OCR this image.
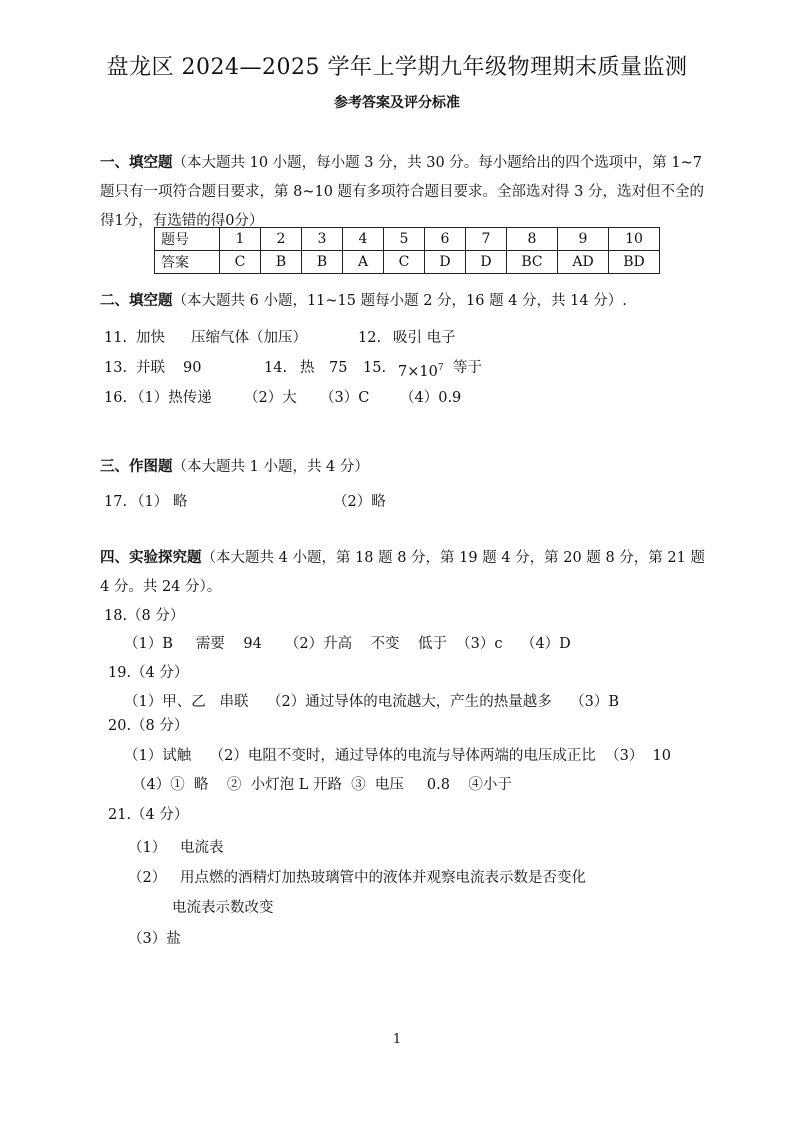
盘龙区 2024—2025 学年上学期九年级物理期末质量监测
参考答案及评分标准
一、填空题（本大题共 10 小题，每小题 3 分，共 30 分。每小题给出的四个选项中，第 1~7 题只有一项符合题目要求，第 8~10 题有多项符合题目要求。全部选对得 3 分，选对但不全的得1分，有选错的得0分）
题号	1	2	3	4	5	6	7	8	9	10
答案	C	B	B	A	C	D	D	BC	AD	BD
二、填空题（本大题共 6 小题，11~15 题每小题 2 分，16 题 4 分，共 14 分）.
11. 加快 压缩气体（加压）	12. 吸引 电子
13. 并联 90	14. 热 75 15. $7\times 10^7$ 等于
16. （1）热传递 （2）大 （3）C （4）0.9
三、作图题（本大题共 1 小题，共 4 分）
17. （1） 略	（2）略
四、实验探究题（本大题共 4 小题，第 18 题 8 分，第 19 题 4 分，第 20 题 8 分，第 21 题 4 分。共 24 分）。
18.（8 分）
（1）B     需要    94     （2）升高    不变    低于  （3）c    （4）D
19.（4 分）
（1）甲、乙   串联    （2）通过导体的电流越大，产生的热量越多    （3）B
20.（8 分）
（1）试触    （2）电阻不变时，通过导体的电流与导体两端的电压成正比  （3）  10
（4）①  略    ②  小灯泡 L 开路  ③  电压     0.8    ④小于
21.（4 分）
（1）   电流表
（2）   用点燃的酒精灯加热玻璃管中的液体并观察电流表示数是否变化
电流表示数改变
（3）盐
1
